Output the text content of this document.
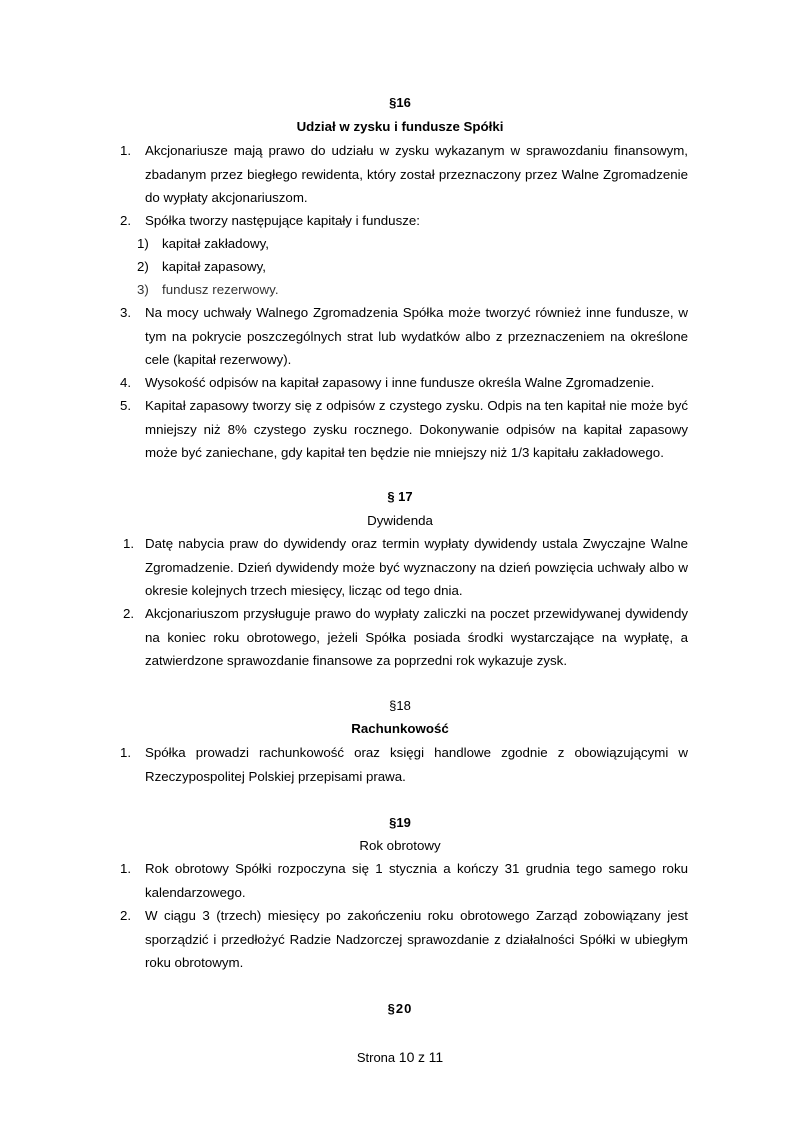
§16
Udział w zysku i fundusze Spółki
1. Akcjonariusze mają prawo do udziału w zysku wykazanym w sprawozdaniu finansowym, zbadanym przez biegłego rewidenta, który został przeznaczony przez Walne Zgromadzenie do wypłaty akcjonariuszom.
2. Spółka tworzy następujące kapitały i fundusze:
1) kapitał zakładowy,
2) kapitał zapasowy,
3) fundusz rezerwowy.
3. Na mocy uchwały Walnego Zgromadzenia Spółka może tworzyć również inne fundusze, w tym na pokrycie poszczególnych strat lub wydatków albo z przeznaczeniem na określone cele (kapitał rezerwowy).
4. Wysokość odpisów na kapitał zapasowy i inne fundusze określa Walne Zgromadzenie.
5. Kapitał zapasowy tworzy się z odpisów z czystego zysku. Odpis na ten kapitał nie może być mniejszy niż 8% czystego zysku rocznego. Dokonywanie odpisów na kapitał zapasowy może być zaniechane, gdy kapitał ten będzie nie mniejszy niż 1/3 kapitału zakładowego.
§ 17
Dywidenda
1. Datę nabycia praw do dywidendy oraz termin wypłaty dywidendy ustala Zwyczajne Walne Zgromadzenie. Dzień dywidendy może być wyznaczony na dzień powzięcia uchwały albo w okresie kolejnych trzech miesięcy, licząc od tego dnia.
2. Akcjonariuszom przysługuje prawo do wypłaty zaliczki na poczet przewidywanej dywidendy na koniec roku obrotowego, jeżeli Spółka posiada środki wystarczające na wypłatę, a zatwierdzone sprawozdanie finansowe za poprzedni rok wykazuje zysk.
§18
Rachunkowość
1. Spółka prowadzi rachunkowość oraz księgi handlowe zgodnie z obowiązującymi w Rzeczypospolitej Polskiej przepisami prawa.
§19
Rok obrotowy
1. Rok obrotowy Spółki rozpoczyna się 1 stycznia a kończy 31 grudnia tego samego roku kalendarzowego.
2. W ciągu 3 (trzech) miesięcy po zakończeniu roku obrotowego Zarząd zobowiązany jest sporządzić i przedłożyć Radzie Nadzorczej sprawozdanie z działalności Spółki w ubiegłym roku obrotowym.
§20
Strona 10 z 11
